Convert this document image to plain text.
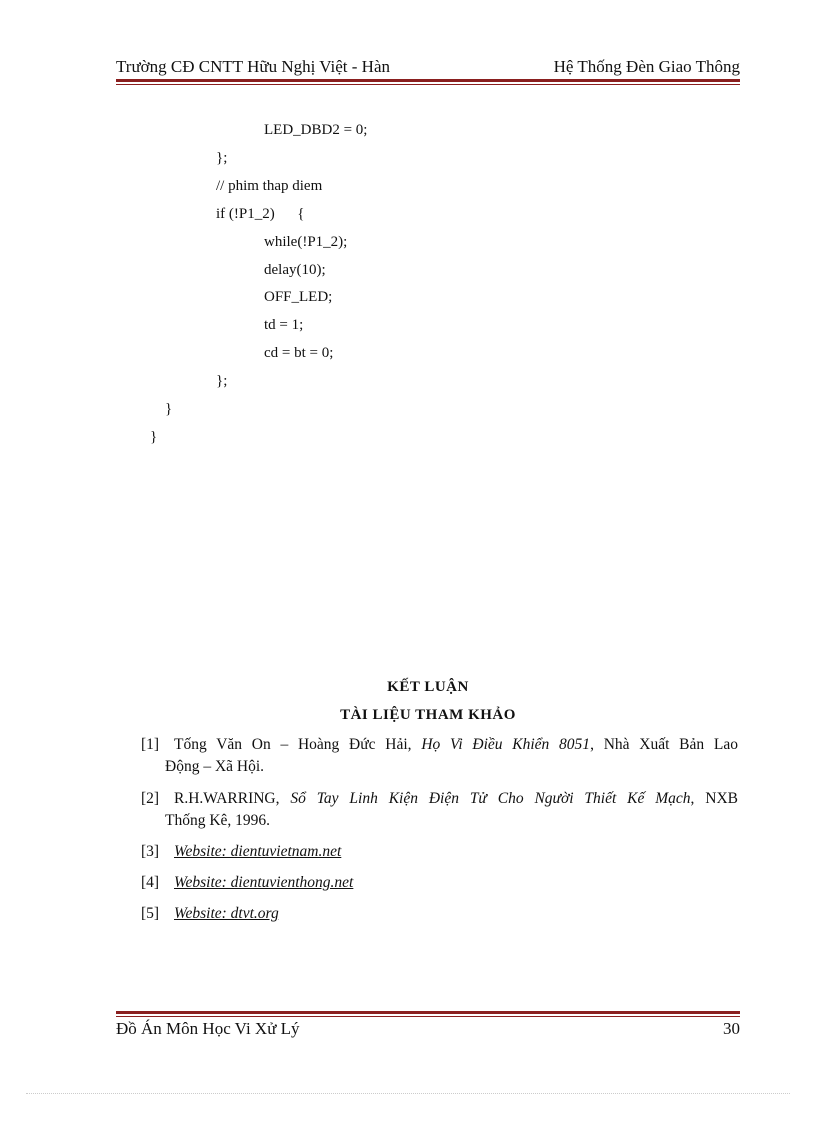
Trường CĐ CNTT Hữu Nghị Việt - Hàn	Hệ Thống Đèn Giao Thông
LED_DBD2 = 0;
};
// phim thap diem
if (!P1_2)      {
while(!P1_2);
delay(10);
OFF_LED;
td = 1;
cd = bt = 0;
};
}
}
KẾT LUẬN
TÀI LIỆU THAM KHẢO
[1] Tống Văn On – Hoàng Đức Hải, Họ Vi Điều Khiển 8051, Nhà Xuất Bản Lao
Động – Xã Hội.
[2] R.H.WARRING, Sổ Tay Linh Kiện Điện Tử Cho Người Thiết Kế Mạch, NXB
Thống Kê, 1996.
[3] Website: dientuvietnam.net
[4] Website: dientuvienthong.net
[5] Website: dtvt.org
Đồ Án Môn Học Vi Xử Lý	30
